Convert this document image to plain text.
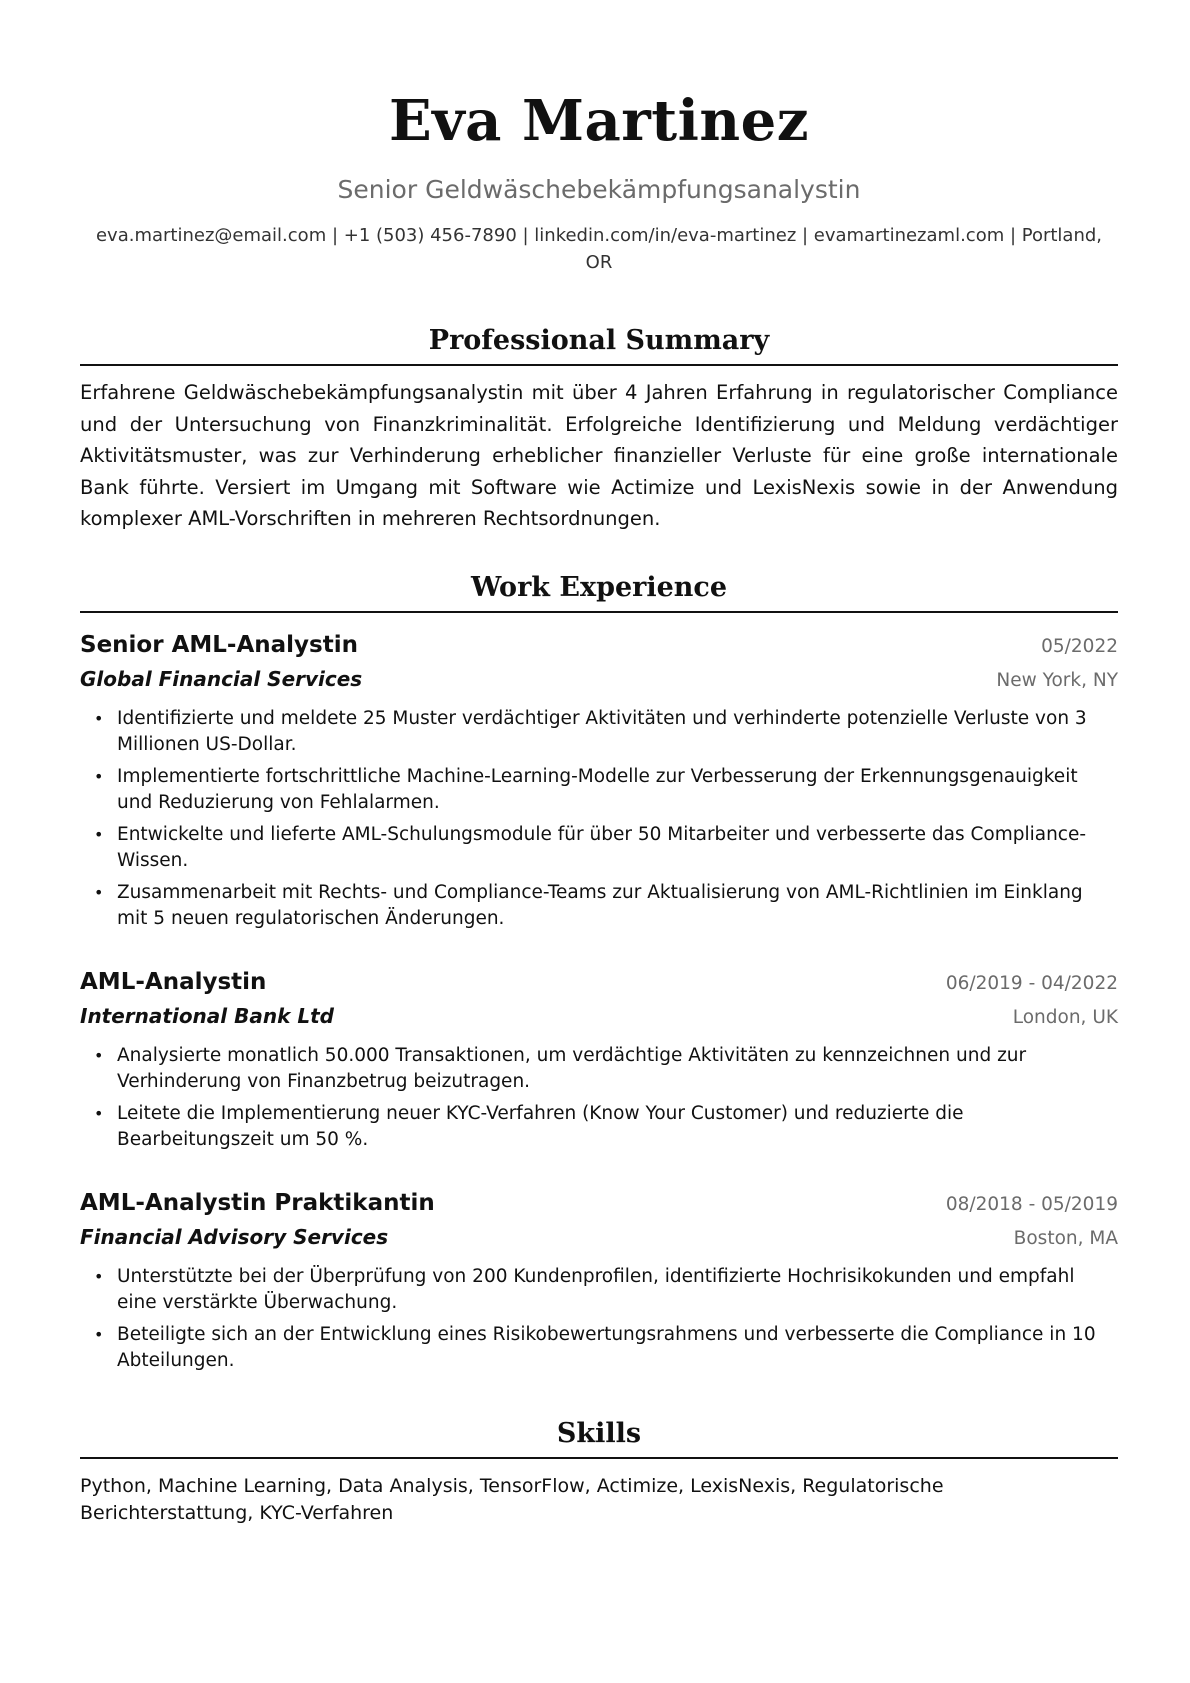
Eva Martinez
Senior Geldwäschebekämpfungsanalystin
eva.martinez@email.com | +1 (503) 456-7890 | linkedin.com/in/eva-martinez | evamartinezaml.com | Portland, OR
Professional Summary
Erfahrene Geldwäschebekämpfungsanalystin mit über 4 Jahren Erfahrung in regulatorischer Compliance und der Untersuchung von Finanzkriminalität. Erfolgreiche Identifizierung und Meldung verdächtiger Aktivitätsmuster, was zur Verhinderung erheblicher finanzieller Verluste für eine große internationale Bank führte. Versiert im Umgang mit Software wie Actimize und LexisNexis sowie in der Anwendung komplexer AML-Vorschriften in mehreren Rechtsordnungen.
Work Experience
Senior AML-Analystin	05/2022
Global Financial Services	New York, NY
• Identifizierte und meldete 25 Muster verdächtiger Aktivitäten und verhinderte potenzielle Verluste von 3 Millionen US-Dollar.
• Implementierte fortschrittliche Machine-Learning-Modelle zur Verbesserung der Erkennungsgenauigkeit und Reduzierung von Fehlalarmen.
• Entwickelte und lieferte AML-Schulungsmodule für über 50 Mitarbeiter und verbesserte das Compliance-Wissen.
• Zusammenarbeit mit Rechts- und Compliance-Teams zur Aktualisierung von AML-Richtlinien im Einklang mit 5 neuen regulatorischen Änderungen.
AML-Analystin	06/2019 - 04/2022
International Bank Ltd	London, UK
• Analysierte monatlich 50.000 Transaktionen, um verdächtige Aktivitäten zu kennzeichnen und zur Verhinderung von Finanzbetrug beizutragen.
• Leitete die Implementierung neuer KYC-Verfahren (Know Your Customer) und reduzierte die Bearbeitungszeit um 50 %.
AML-Analystin Praktikantin	08/2018 - 05/2019
Financial Advisory Services	Boston, MA
• Unterstützte bei der Überprüfung von 200 Kundenprofilen, identifizierte Hochrisikokunden und empfahl eine verstärkte Überwachung.
• Beteiligte sich an der Entwicklung eines Risikobewertungsrahmens und verbesserte die Compliance in 10 Abteilungen.
Skills
Python, Machine Learning, Data Analysis, TensorFlow, Actimize, LexisNexis, Regulatorische Berichterstattung, KYC-Verfahren
